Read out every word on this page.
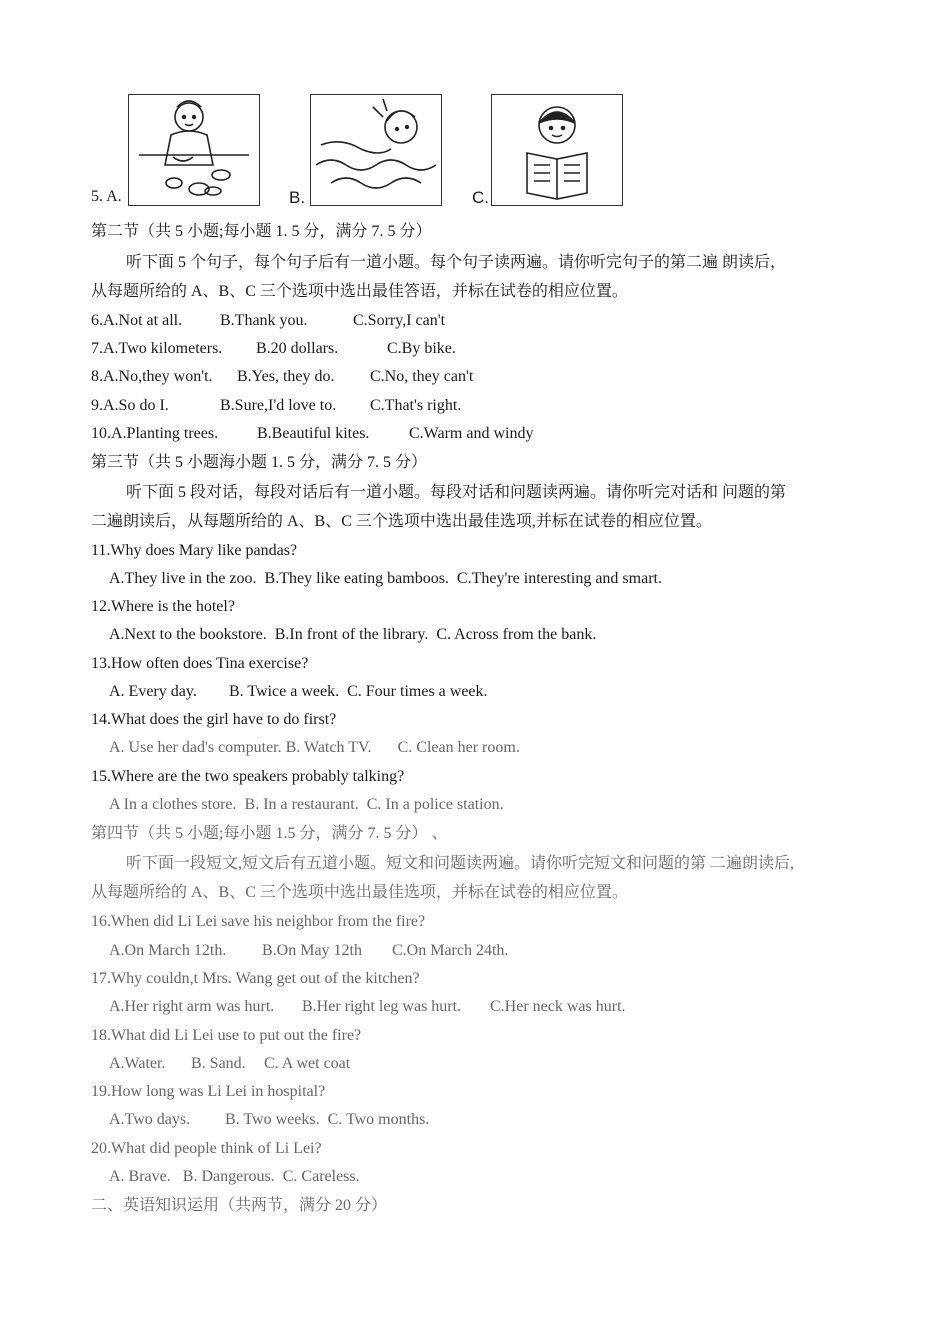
5. A.	B.	C.
第二节（共 5 小题;每小题 1. 5 分，满分 7. 5 分）
听下面 5 个句子，每个句子后有一道小题。每个句子读两遍。请你听完句子的第二遍 朗读后，
从每题所给的 A、B、C 三个选项中选出最佳答语，并标在试卷的相应位置。
6.A.Not at all. B.Thank you.	C.Sorry,I can't
7.A.Two kilometers. B.20 dollars.	C.By bike.
8.A.No,they won't. B.Yes, they do. C.No, they can't
9.A.So do I.	B.Sure,I'd love to. C.That's right.
10.A.Planting trees. B.Beautiful kites. C.Warm and windy
第三节（共 5 小题海小题 1. 5 分，满分 7. 5 分）
听下面 5 段对话，每段对话后有一道小题。每段对话和问题读两遍。请你听完对话和 问题的第
二遍朗读后，从每题所给的 A、B、C 三个选项中选出最佳选项,并标在试卷的相应位置。
11.Why does Mary like pandas?
A.They live in the zoo. B.They like eating bamboos. C.They're interesting and smart.
12.Where is the hotel?
A.Next to the bookstore. B.In front of the library. C. Across from the bank.
13.How often does Tina exercise?
A. Every day. B. Twice a week. C. Four times a week.
14.What does the girl have to do first?
A. Use her dad's computer. B. Watch TV. C. Clean her room.
15.Where are the two speakers probably talking?
A In a clothes store. B. In a restaurant. C. In a police station.
第四节（共 5 小题;每小题 1.5 分，满分 7. 5 分） 、
听下面一段短文,短文后有五道小题。短文和问题读两遍。请你听完短文和问题的第 二遍朗读后,
从每题所给的 A、B、C 三个选项中选出最佳选项，并标在试卷的相应位置。
16.When did Li Lei save his neighbor from the fire?
A.On March 12th. B.On May 12th C.On March 24th.
17.Why couldn,t Mrs. Wang get out of the kitchen?
A.Her right arm was hurt. B.Her right leg was hurt. C.Her neck was hurt.
18.What did Li Lei use to put out the fire?
A.Water. B. Sand. C. A wet coat
19.How long was Li Lei in hospital?
A.Two days. B. Two weeks. C. Two months.
20.What did people think of Li Lei?
A. Brave. B. Dangerous. C. Careless.
二、英语知识运用（共两节，满分 20 分）
